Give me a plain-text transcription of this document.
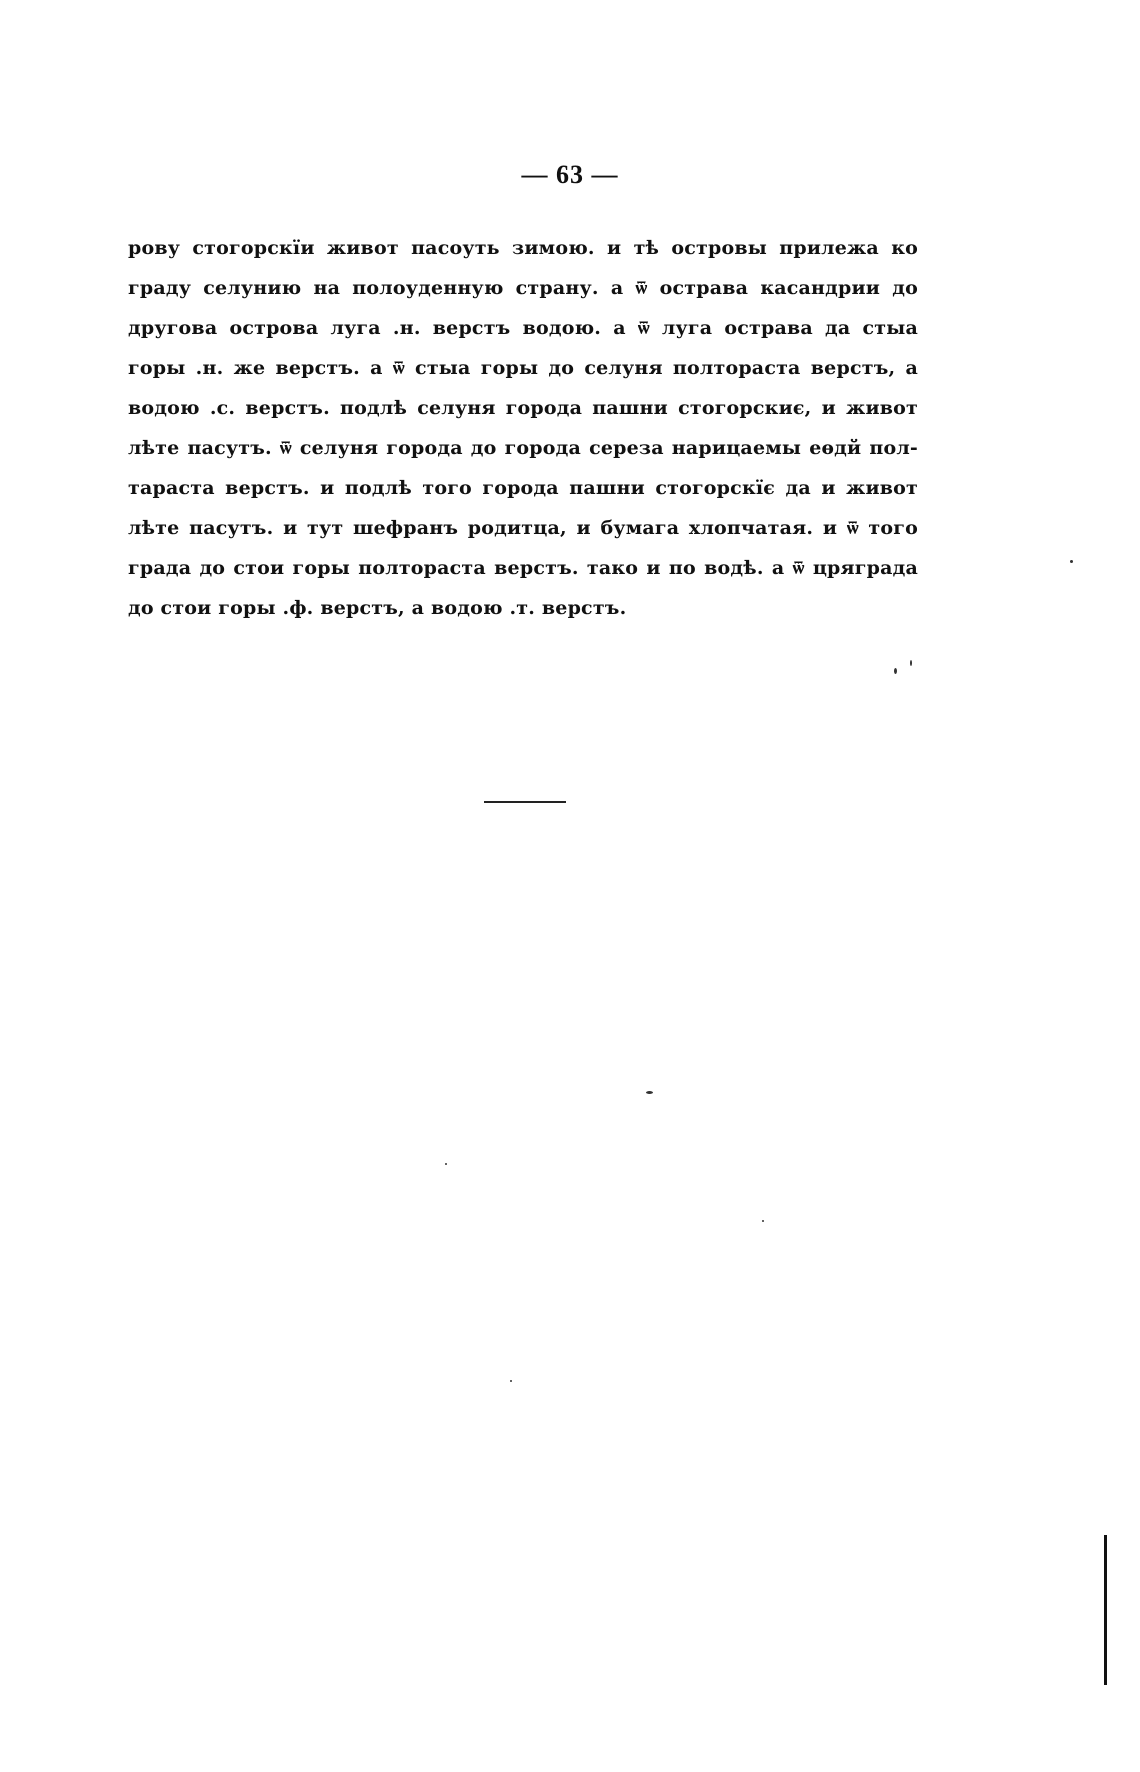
— 63 —
рову стогорскїи живот пасоуть зимою. и тѣ островы прилежа ко
граду селунию на полоуденную страну. а ѿ острава касандрии до
другова острова луга .н. верстъ водою. а ѿ луга острава да стыа
горы .н. же верстъ. а ѿ стыа горы до селуня полтораста верстъ, а
водою .с. верстъ. подлѣ селуня города пашни стогорскиє, и живот
лѣте пасутъ. ѿ селуня города до города сереза нарицаемы еѳдй пол-
тараста верстъ. и подлѣ того города пашни стогорскїє да и живот
лѣте пасутъ. и тут шефранъ родитца, и бумага хлопчатая. и ѿ того
града до стои горы полтораста верстъ. тако и по водѣ. а ѿ цряграда
до стои горы .ф. верстъ, а водою .т. верстъ.
